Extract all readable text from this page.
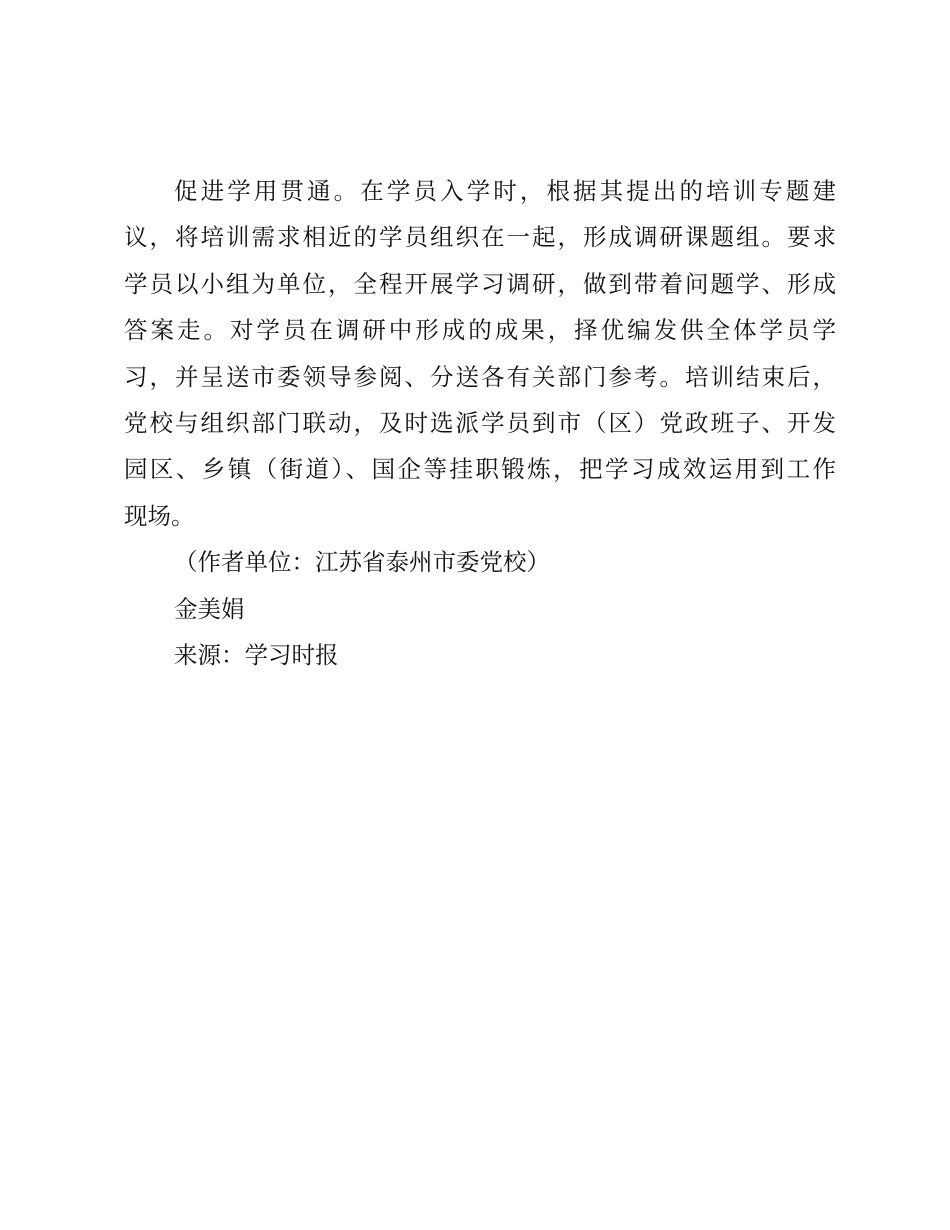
促进学用贯通。在学员入学时，根据其提出的培训专题建
议，将培训需求相近的学员组织在一起，形成调研课题组。要求
学员以小组为单位，全程开展学习调研，做到带着问题学、形成
答案走。对学员在调研中形成的成果，择优编发供全体学员学
习，并呈送市委领导参阅、分送各有关部门参考。培训结束后，
党校与组织部门联动，及时选派学员到市（区）党政班子、开发
园区、乡镇（街道）、国企等挂职锻炼，把学习成效运用到工作
现场。
（作者单位：江苏省泰州市委党校）
金美娟
来源：学习时报
